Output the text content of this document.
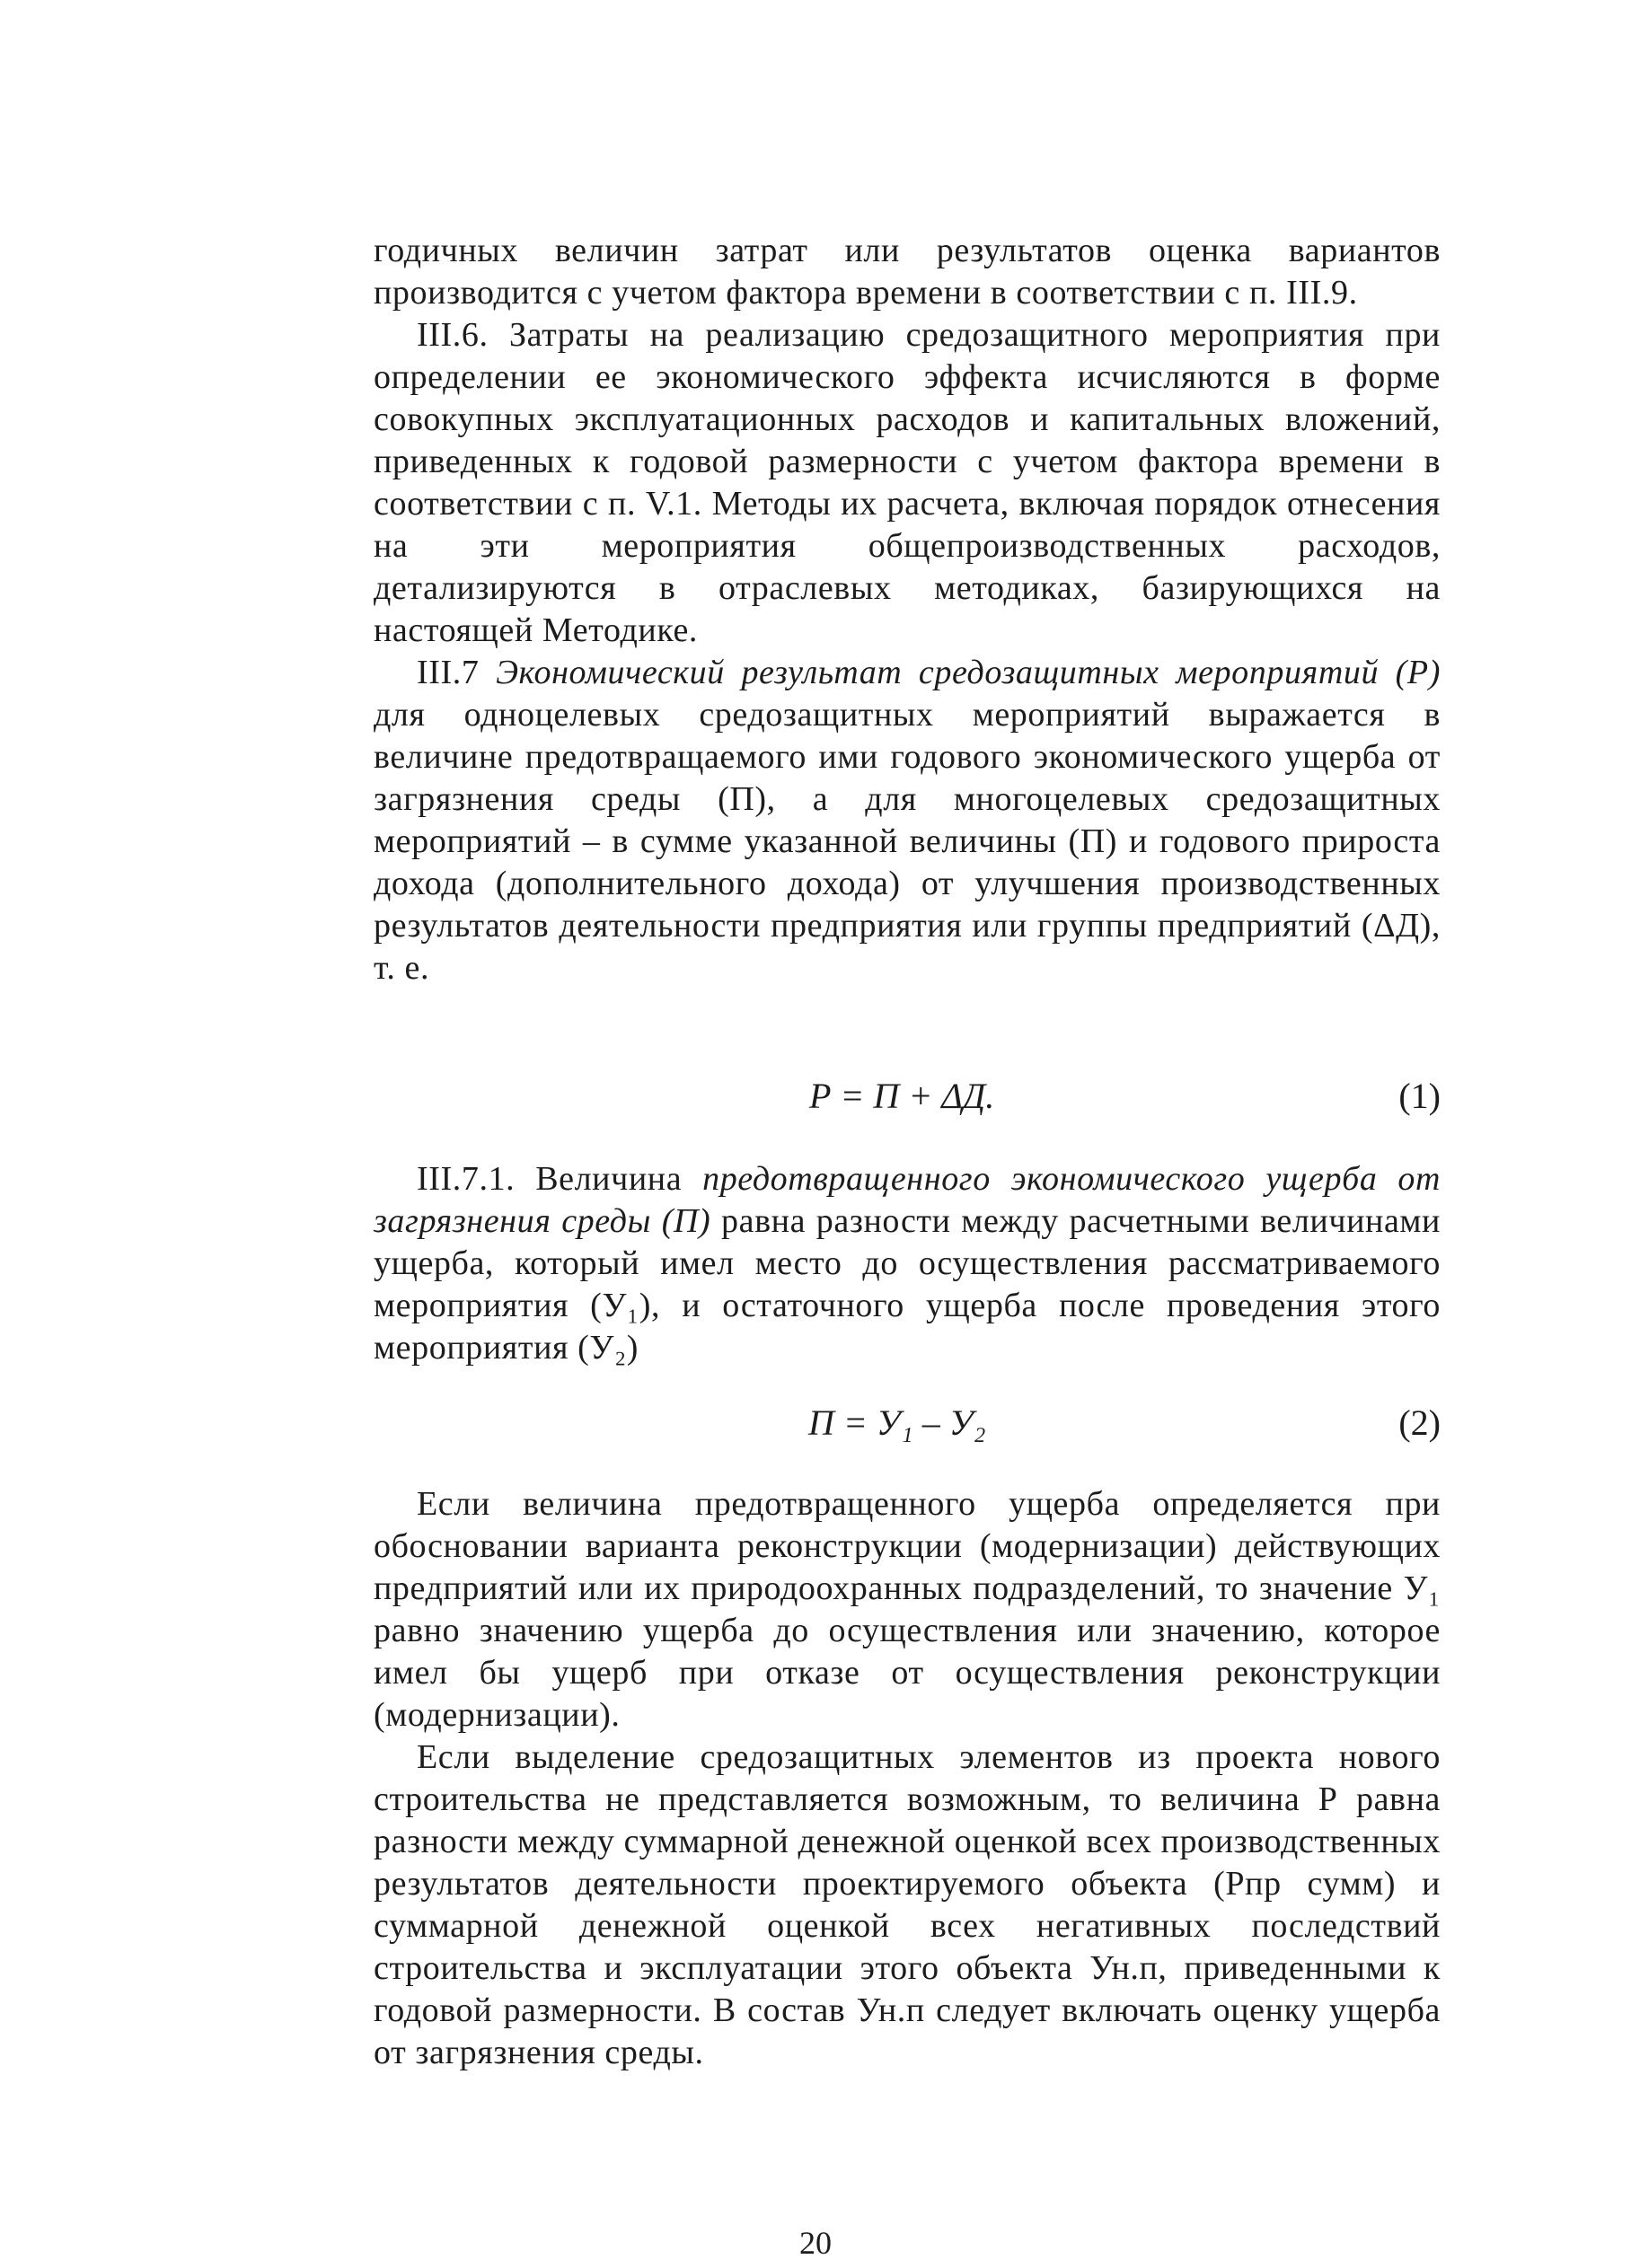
годичных величин затрат или результатов оценка вариантов производится с учетом фактора времени в соответствии с п. III.9.

III.6. Затраты на реализацию средозащитного мероприятия при определении ее экономического эффекта исчисляются в форме совокупных эксплуатационных расходов и капитальных вложений, приведенных к годовой размерности с учетом фактора времени в соответствии с п. V.1. Методы их расчета, включая порядок отнесения на эти мероприятия общепроизводственных расходов, детализируются в отраслевых методиках, базирующихся на настоящей Методике.

III.7 Экономический результат средозащитных мероприятий (Р) для одноцелевых средозащитных мероприятий выражается в величине предотвращаемого ими годового экономического ущерба от загрязнения среды (П), а для многоцелевых средозащитных мероприятий – в сумме указанной величины (П) и годового прироста дохода (дополнительного дохода) от улучшения производственных результатов деятельности предприятия или группы предприятий (ΔД), т. е.

Р = П + ΔД.	(1)

III.7.1. Величина предотвращенного экономического ущерба от загрязнения среды (П) равна разности между расчетными величинами ущерба, который имел место до осуществления рассматриваемого мероприятия (У₁), и остаточного ущерба после проведения этого мероприятия (У₂)

П = У₁ – У₂	(2)

Если величина предотвращенного ущерба определяется при обосновании варианта реконструкции (модернизации) действующих предприятий или их природоохранных подразделений, то значение У₁ равно значению ущерба до осуществления или значению, которое имел бы ущерб при отказе от осуществления реконструкции (модернизации).

Если выделение средозащитных элементов из проекта нового строительства не представляется возможным, то величина Р равна разности между суммарной денежной оценкой всех производственных результатов деятельности проектируемого объекта (Рпр сумм) и суммарной денежной оценкой всех негативных последствий строительства и эксплуатации этого объекта Ун.п, приведенными к годовой размерности. В состав Ун.п следует включать оценку ущерба от загрязнения среды.

20
